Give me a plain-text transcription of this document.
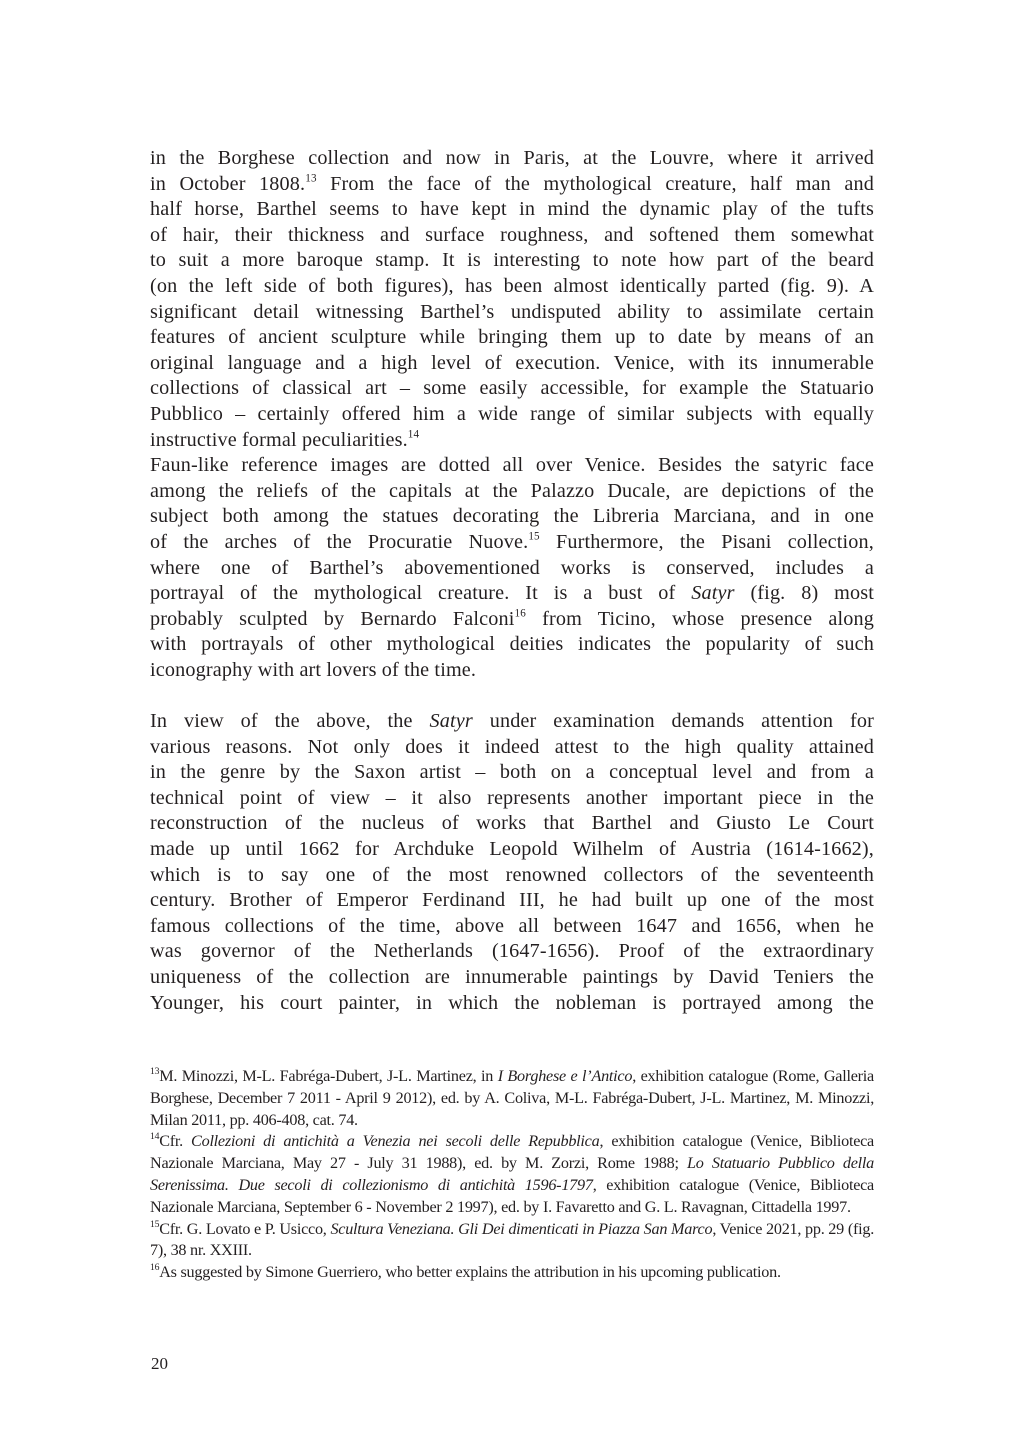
in the Borghese collection and now in Paris, at the Louvre, where it arrived
in October 1808.13 From the face of the mythological creature, half man and
half horse, Barthel seems to have kept in mind the dynamic play of the tufts
of hair, their thickness and surface roughness, and softened them somewhat
to suit a more baroque stamp. It is interesting to note how part of the beard
(on the left side of both figures), has been almost identically parted (fig. 9). A
significant detail witnessing Barthel’s undisputed ability to assimilate certain
features of ancient sculpture while bringing them up to date by means of an
original language and a high level of execution. Venice, with its innumerable
collections of classical art – some easily accessible, for example the Statuario
Pubblico – certainly offered him a wide range of similar subjects with equally
instructive formal peculiarities.$^{14}$

Faun-like reference images are dotted all over Venice. Besides the satyric face
among the reliefs of the capitals at the Palazzo Ducale, are depictions of the
subject both among the statues decorating the Libreria Marciana, and in one
of the arches of the Procuratie Nuove.$^{15}$ Furthermore, the Pisani collection,
where one of Barthel’s abovementioned works is conserved, includes a
portrayal of the mythological creature. It is a bust of Satyr (fig. 8) most
probably sculpted by Bernardo Falconi$^{16}$ from Ticino, whose presence along
with portrayals of other mythological deities indicates the popularity of such
iconography with art lovers of the time.

In view of the above, the Satyr under examination demands attention for
various reasons. Not only does it indeed attest to the high quality attained
in the genre by the Saxon artist – both on a conceptual level and from a
technical point of view – it also represents another important piece in the
reconstruction of the nucleus of works that Barthel and Giusto Le Court
made up until 1662 for Archduke Leopold Wilhelm of Austria (1614-1662),
which is to say one of the most renowned collectors of the seventeenth
century. Brother of Emperor Ferdinand III, he had built up one of the most
famous collections of the time, above all between 1647 and 1656, when he
was governor of the Netherlands (1647-1656). Proof of the extraordinary
uniqueness of the collection are innumerable paintings by David Teniers the
Younger, his court painter, in which the nobleman is portrayed among the

$^{13}$M. Minozzi, M-L. Fabréga-Dubert, J-L. Martinez, in I Borghese e l’Antico, exhibition catalogue (Rome, Galleria Borghese, December 7 2011 - April 9 2012), ed. by A. Coliva, M-L. Fabréga-Dubert, J-L. Martinez, M. Minozzi, Milan 2011, pp. 406-408, cat. 74.

$^{14}$Cfr. Collezioni di antichità a Venezia nei secoli delle Repubblica, exhibition catalogue (Venice, Biblioteca Nazionale Marciana, May 27 - July 31 1988), ed. by M. Zorzi, Rome 1988; Lo Statuario Pubblico della Serenissima. Due secoli di collezionismo di antichità 1596-1797, exhibition catalogue (Venice, Biblioteca Nazionale Marciana, September 6 - November 2 1997), ed. by I. Favaretto and G. L. Ravagnan, Cittadella 1997.

$^{15}$Cfr. G. Lovato e P. Usicco, Scultura Veneziana. Gli Dei dimenticati in Piazza San Marco, Venice 2021, pp. 29 (fig. 7), 38 nr. XXIII.

$^{16}$As suggested by Simone Guerriero, who better explains the attribution in his upcoming publication.

20
